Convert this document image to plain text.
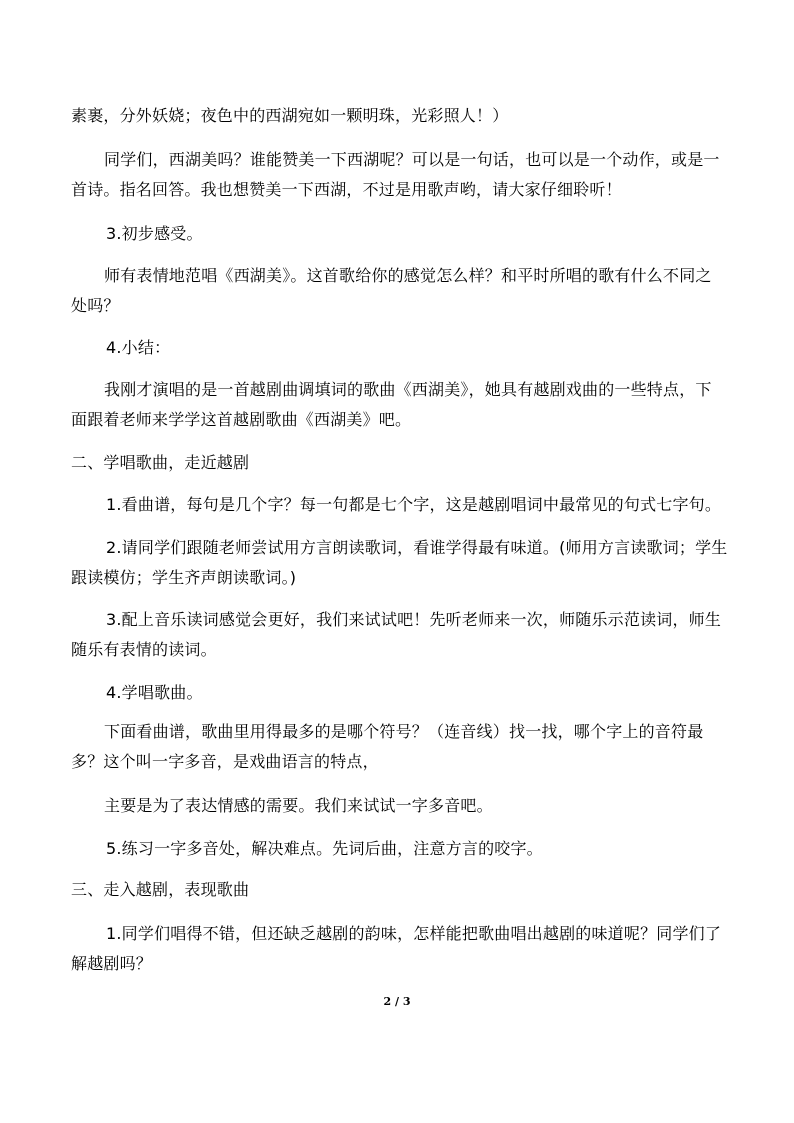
素裹，分外妖娆；夜色中的西湖宛如一颗明珠，光彩照人！）
同学们，西湖美吗？谁能赞美一下西湖呢？可以是一句话，也可以是一个动作，或是一
首诗。指名回答。我也想赞美一下西湖，不过是用歌声哟，请大家仔细聆听！
3.初步感受。
师有表情地范唱《西湖美》。这首歌给你的感觉怎么样？和平时所唱的歌有什么不同之
处吗？
4.小结：
我刚才演唱的是一首越剧曲调填词的歌曲《西湖美》，她具有越剧戏曲的一些特点，下
面跟着老师来学学这首越剧歌曲《西湖美》吧。
二、学唱歌曲，走近越剧
1.看曲谱，每句是几个字？每一句都是七个字，这是越剧唱词中最常见的句式七字句。
2.请同学们跟随老师尝试用方言朗读歌词，看谁学得最有味道。(师用方言读歌词；学生
跟读模仿；学生齐声朗读歌词。)
3.配上音乐读词感觉会更好，我们来试试吧！先听老师来一次，师随乐示范读词，师生
随乐有表情的读词。
4.学唱歌曲。
下面看曲谱，歌曲里用得最多的是哪个符号？（连音线）找一找，哪个字上的音符最
多？这个叫一字多音，是戏曲语言的特点，
主要是为了表达情感的需要。我们来试试一字多音吧。
5.练习一字多音处，解决难点。先词后曲，注意方言的咬字。
三、走入越剧，表现歌曲
1.同学们唱得不错，但还缺乏越剧的韵味，怎样能把歌曲唱出越剧的味道呢？同学们了
解越剧吗？
2 / 3
